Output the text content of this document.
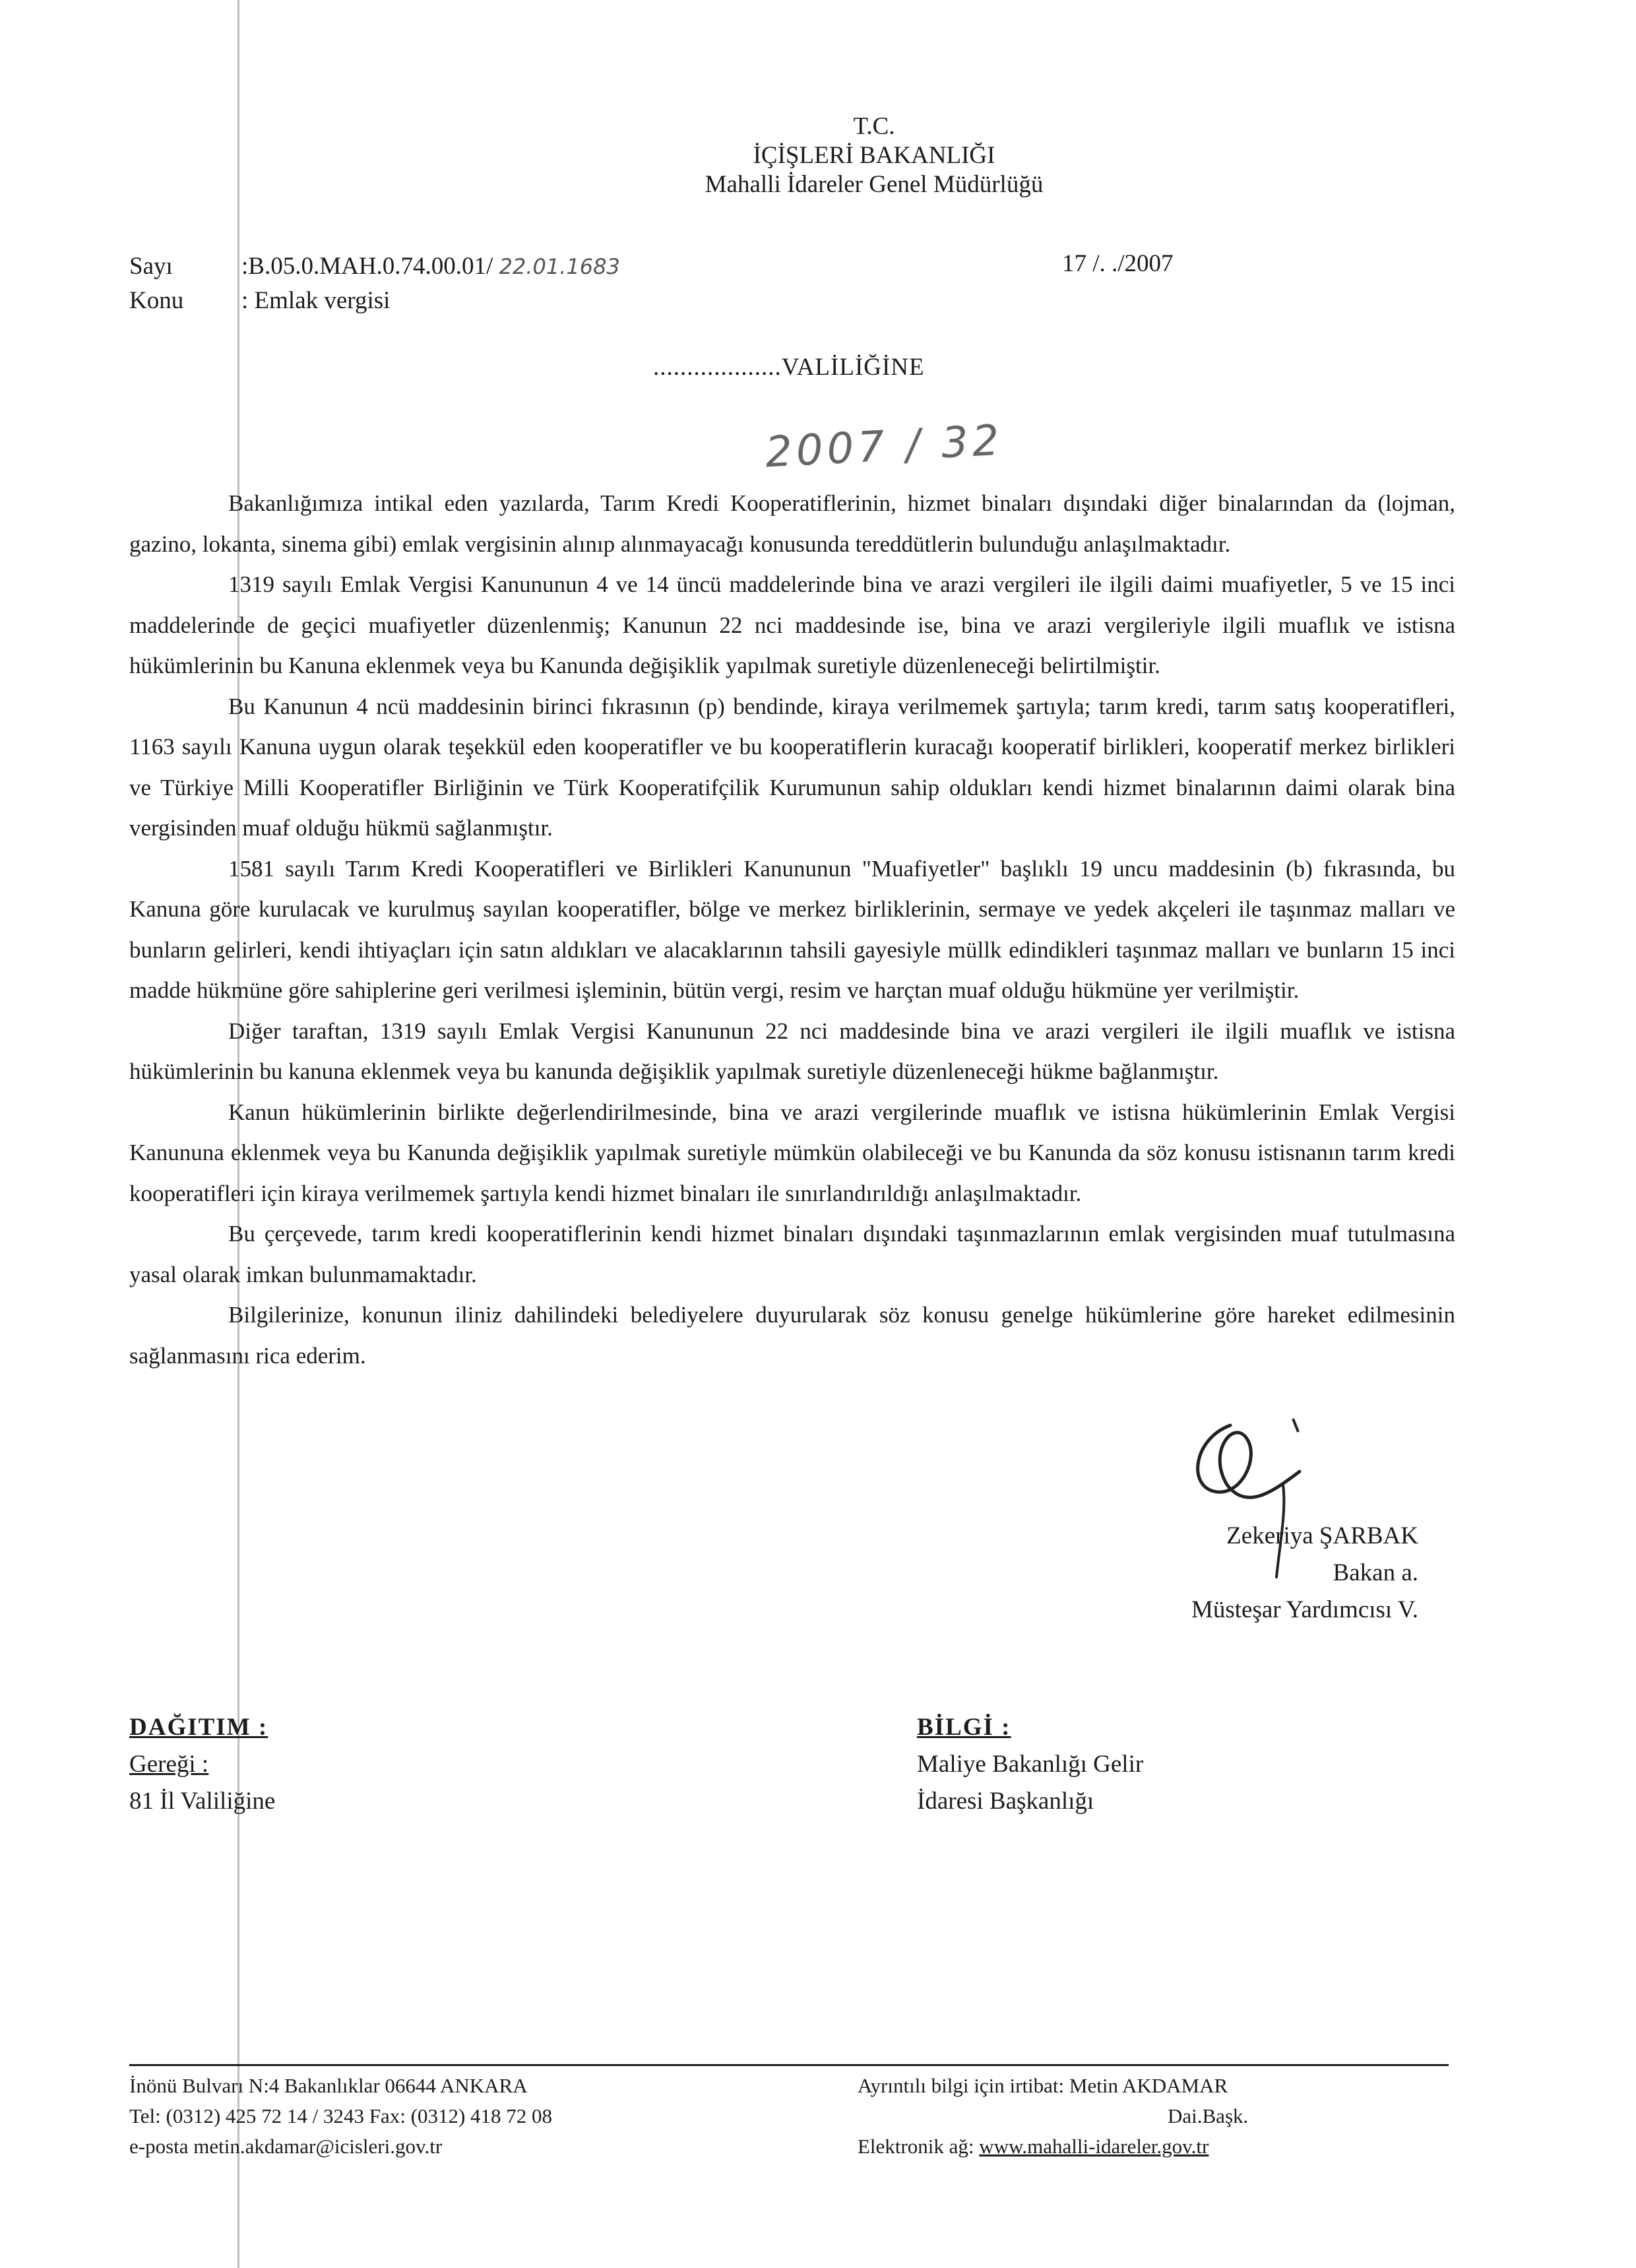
T.C.
İÇİŞLERİ BAKANLIĞI
Mahalli İdareler Genel Müdürlüğü
Sayı	:B.05.0.MAH.0.74.00.01/ 22.01.1683
Konu : Emlak vergisi
17 /. ./2007
...................VALİLİĞİNE
2007 / 32

Bakanlığımıza intikal eden yazılarda, Tarım Kredi Kooperatiflerinin, hizmet binaları dışındaki diğer binalarından da (lojman, gazino, lokanta, sinema gibi) emlak vergisinin alınıp alınmayacağı konusunda tereddütlerin bulunduğu anlaşılmaktadır.

1319 sayılı Emlak Vergisi Kanununun 4 ve 14 üncü maddelerinde bina ve arazi vergileri ile ilgili daimi muafiyetler, 5 ve 15 inci maddelerinde de geçici muafiyetler düzenlenmiş; Kanunun 22 nci maddesinde ise, bina ve arazi vergileriyle ilgili muaflık ve istisna hükümlerinin bu Kanuna eklenmek veya bu Kanunda değişiklik yapılmak suretiyle düzenleneceği belirtilmiştir.

Bu Kanunun 4 ncü maddesinin birinci fıkrasının (p) bendinde, kiraya verilmemek şartıyla; tarım kredi, tarım satış kooperatifleri, 1163 sayılı Kanuna uygun olarak teşekkül eden kooperatifler ve bu kooperatiflerin kuracağı kooperatif birlikleri, kooperatif merkez birlikleri ve Türkiye Milli Kooperatifler Birliğinin ve Türk Kooperatifçilik Kurumunun sahip oldukları kendi hizmet binalarının daimi olarak bina vergisinden muaf olduğu hükmü sağlanmıştır.

1581 sayılı Tarım Kredi Kooperatifleri ve Birlikleri Kanununun "Muafiyetler" başlıklı 19 uncu maddesinin (b) fıkrasında, bu Kanuna göre kurulacak ve kurulmuş sayılan kooperatifler, bölge ve merkez birliklerinin, sermaye ve yedek akçeleri ile taşınmaz malları ve bunların gelirleri, kendi ihtiyaçları için satın aldıkları ve alacaklarının tahsili gayesiyle müllk edindikleri taşınmaz malları ve bunların 15 inci madde hükmüne göre sahiplerine geri verilmesi işleminin, bütün vergi, resim ve harçtan muaf olduğu hükmüne yer verilmiştir.

Diğer taraftan, 1319 sayılı Emlak Vergisi Kanununun 22 nci maddesinde bina ve arazi vergileri ile ilgili muaflık ve istisna hükümlerinin bu kanuna eklenmek veya bu kanunda değişiklik yapılmak suretiyle düzenleneceği hükme bağlanmıştır.

Kanun hükümlerinin birlikte değerlendirilmesinde, bina ve arazi vergilerinde muaflık ve istisna hükümlerinin Emlak Vergisi Kanununa eklenmek veya bu Kanunda değişiklik yapılmak suretiyle mümkün olabileceği ve bu Kanunda da söz konusu istisnanın tarım kredi kooperatifleri için kiraya verilmemek şartıyla kendi hizmet binaları ile sınırlandırıldığı anlaşılmaktadır.

Bu çerçevede, tarım kredi kooperatiflerinin kendi hizmet binaları dışındaki taşınmazlarının emlak vergisinden muaf tutulmasına yasal olarak imkan bulunmamaktadır.

Bilgilerinize, konunun iliniz dahilindeki belediyelere duyurularak söz konusu genelge hükümlerine göre hareket edilmesinin sağlanmasını rica ederim.

Zekeriya ŞARBAK
Bakan a.
Müsteşar Yardımcısı V.
DAĞITIM :
Gereği :
81 İl Valiliğine
BİLGİ :
Maliye Bakanlığı Gelir
İdaresi Başkanlığı
İnönü Bulvarı N:4 Bakanlıklar 06644 ANKARA
Tel: (0312) 425 72 14 / 3243 Fax: (0312) 418 72 08
e-posta metin.akdamar@icisleri.gov.tr
Ayrıntılı bilgi için irtibat: Metin AKDAMAR
Dai.Başk.
Elektronik ağ: www.mahalli-idareler.gov.tr
